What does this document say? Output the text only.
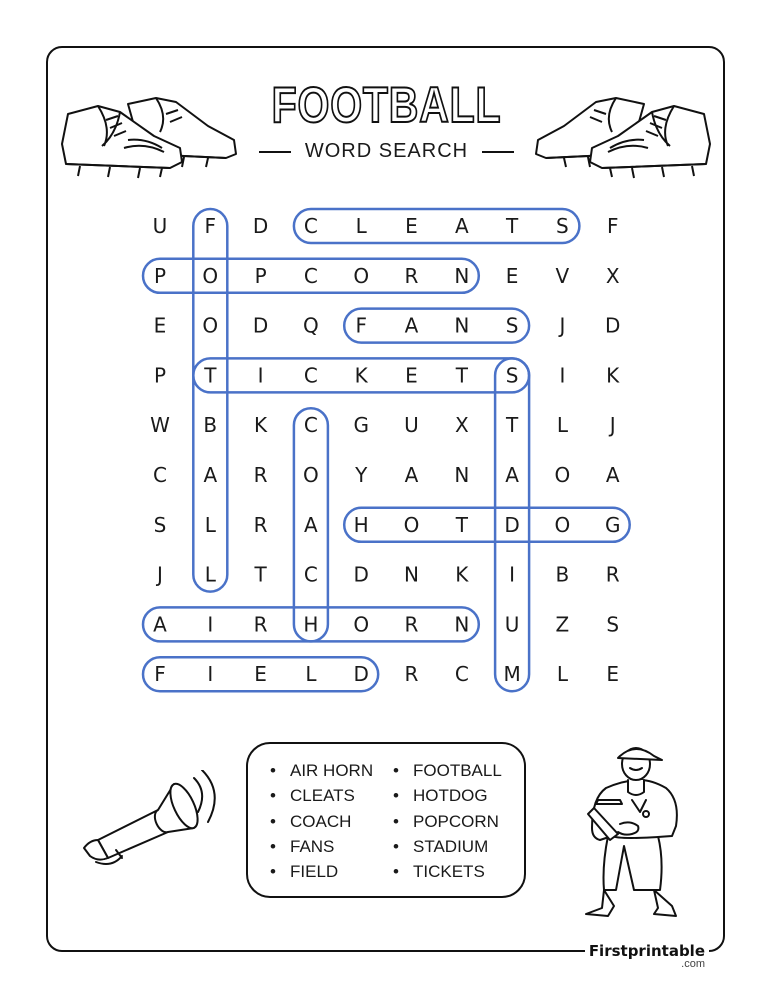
FOOTBALL
WORD SEARCH
U F D C L E A T S F
P O P C O R N E V X
E O D Q F A N S J D
P T I C K E T S I K
W B K C G U X T L J
C A R O Y A N A O A
S L R A H O T D O G
J L T C D N K I B R
A I R H O R N U Z S
F I E L D R C M L E
• AIR HORN
• CLEATS
• COACH
• FANS
• FIELD
• FOOTBALL
• HOTDOG
• POPCORN
• STADIUM
• TICKETS
Firstprintable
.com
